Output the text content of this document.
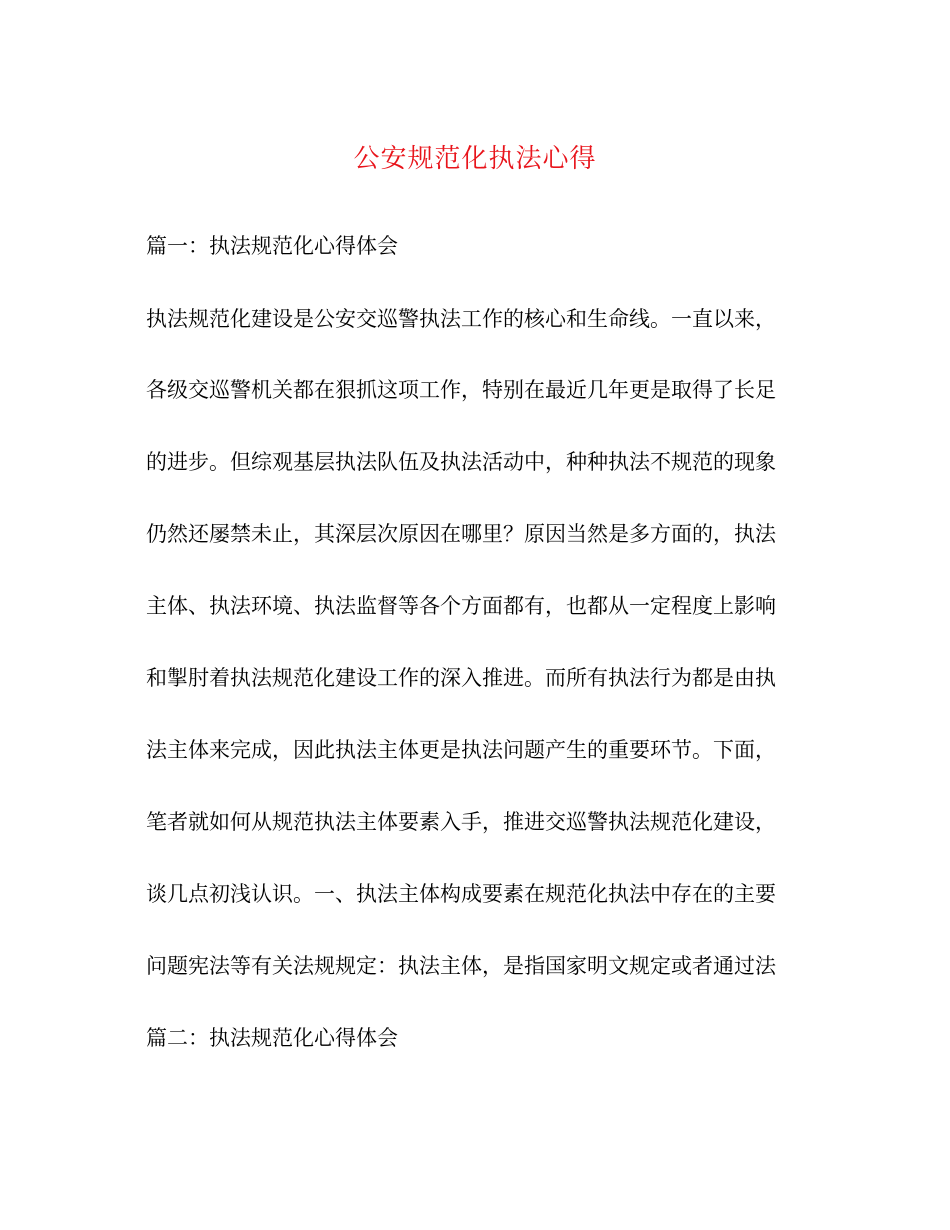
公安规范化执法心得
篇一：执法规范化心得体会
执法规范化建设是公安交巡警执法工作的核心和生命线。一直以来，
各级交巡警机关都在狠抓这项工作，特别在最近几年更是取得了长足
的进步。但综观基层执法队伍及执法活动中，种种执法不规范的现象
仍然还屡禁未止，其深层次原因在哪里？原因当然是多方面的，执法
主体、执法环境、执法监督等各个方面都有，也都从一定程度上影响
和掣肘着执法规范化建设工作的深入推进。而所有执法行为都是由执
法主体来完成，因此执法主体更是执法问题产生的重要环节。下面，
笔者就如何从规范执法主体要素入手，推进交巡警执法规范化建设，
谈几点初浅认识。一、执法主体构成要素在规范化执法中存在的主要
问题宪法等有关法规规定：执法主体，是指国家明文规定或者通过法
篇二：执法规范化心得体会
